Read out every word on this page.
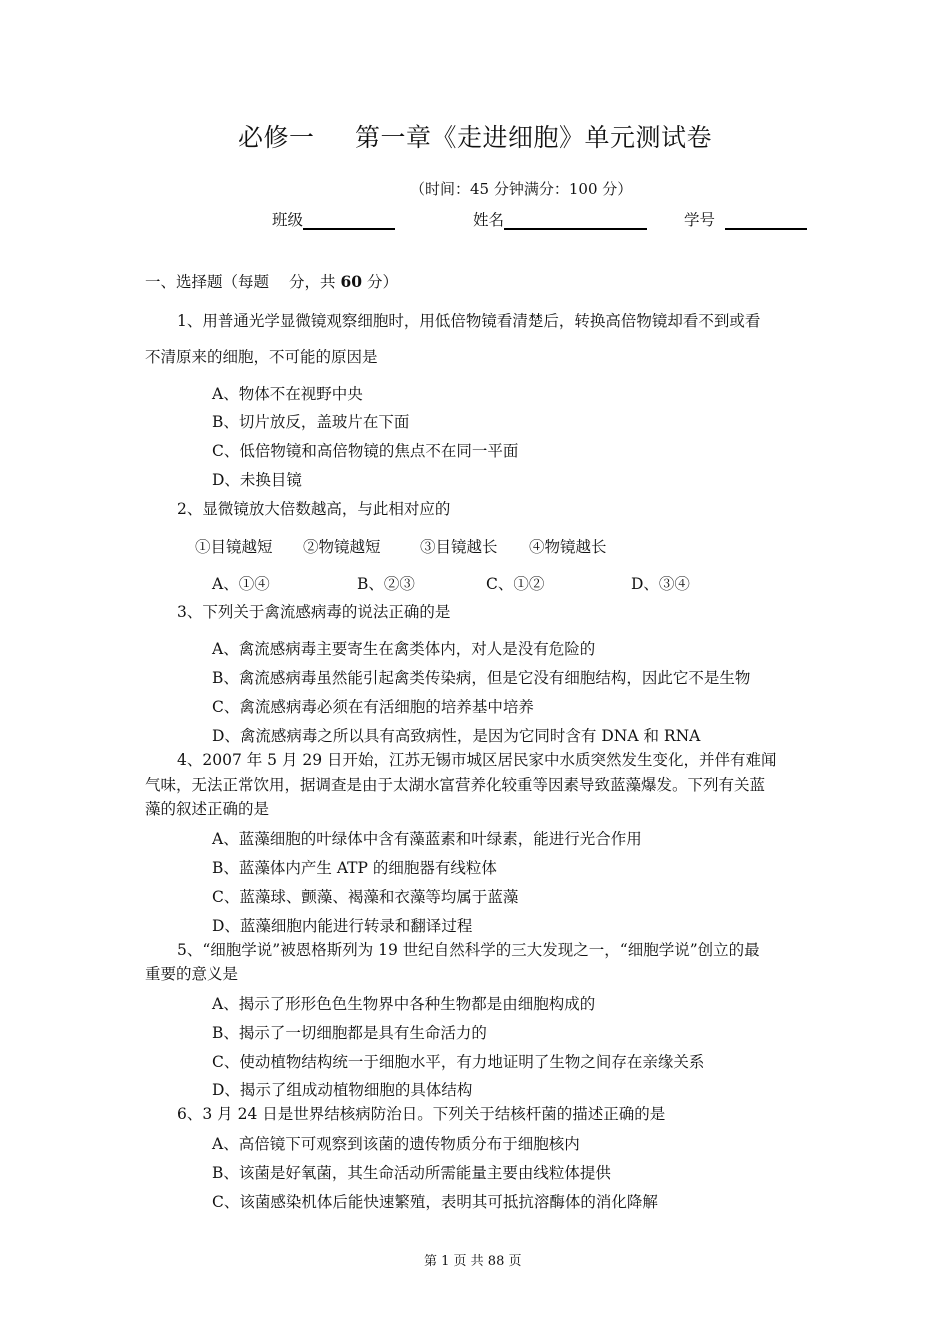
必修一 第一章《走进细胞》单元测试卷
（时间：45 分钟满分：100 分）
班级	姓名	学号
一、选择题（每题 分，共 60 分）
1、用普通光学显微镜观察细胞时，用低倍物镜看清楚后，转换高倍物镜却看不到或看
不清原来的细胞，不可能的原因是
A、物体不在视野中央
B、切片放反，盖玻片在下面
C、低倍物镜和高倍物镜的焦点不在同一平面
D、未换目镜
2、显微镜放大倍数越高，与此相对应的
①目镜越短 ②物镜越短	③目镜越长 ④物镜越长
A、①④	B、②③	C、①②	D、③④
3、下列关于禽流感病毒的说法正确的是
A、禽流感病毒主要寄生在禽类体内，对人是没有危险的
B、禽流感病毒虽然能引起禽类传染病，但是它没有细胞结构，因此它不是生物
C、禽流感病毒必须在有活细胞的培养基中培养
D、禽流感病毒之所以具有高致病性，是因为它同时含有 DNA 和 RNA
4、2007 年 5 月 29 日开始，江苏无锡市城区居民家中水质突然发生变化，并伴有难闻
气味，无法正常饮用，据调查是由于太湖水富营养化较重等因素导致蓝藻爆发。下列有关蓝
藻的叙述正确的是
A、蓝藻细胞的叶绿体中含有藻蓝素和叶绿素，能进行光合作用
B、蓝藻体内产生 ATP 的细胞器有线粒体
C、蓝藻球、颤藻、褐藻和衣藻等均属于蓝藻
D、蓝藻细胞内能进行转录和翻译过程
5、“细胞学说”被恩格斯列为 19 世纪自然科学的三大发现之一，“细胞学说”创立的最
重要的意义是
A、揭示了形形色色生物界中各种生物都是由细胞构成的
B、揭示了一切细胞都是具有生命活力的
C、使动植物结构统一于细胞水平，有力地证明了生物之间存在亲缘关系
D、揭示了组成动植物细胞的具体结构
6、3 月 24 日是世界结核病防治日。下列关于结核杆菌的描述正确的是
A、高倍镜下可观察到该菌的遗传物质分布于细胞核内
B、该菌是好氧菌，其生命活动所需能量主要由线粒体提供
C、该菌感染机体后能快速繁殖，表明其可抵抗溶酶体的消化降解
第 1 页 共 88 页
